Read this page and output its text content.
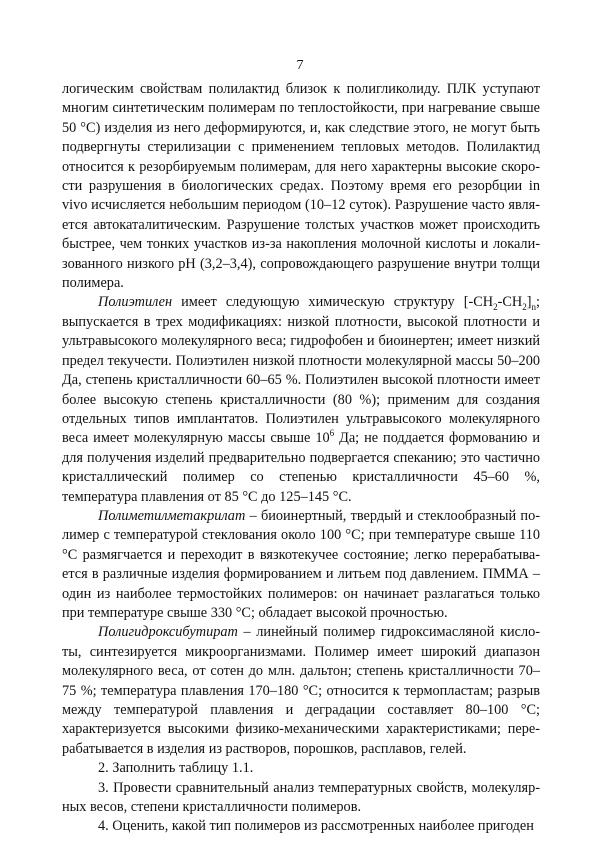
7

логическим свойствам полилактид близок к полигликолиду. ПЛК уступают многим синтетическим полимерам по теплостойкости, при нагревание свыше 50 °С) изделия из него деформируются, и, как следствие этого, не могут быть подвергнуты стерилизации с применением тепловых методов. Полилактид относится к резорбируемым полимерам, для него характерны высокие скорости разрушения в биологических средах. Поэтому время его резорбции in vivo исчисляется небольшим периодом (10–12 суток). Разрушение часто является автокаталитическим. Разрушение толстых участков может происходить быстрее, чем тонких участков из-за накопления молочной кислоты и локализованного низкого pH (3,2–3,4), сопровождающего разрушение внутри толщи полимера.

Полиэтилен имеет следующую химическую структуру $[-CH_2-CH_2]_n$; выпускается в трех модификациях: низкой плотности, высокой плотности и ультравысокого молекулярного веса; гидрофобен и биоинертен; имеет низкий предел текучести. Полиэтилен низкой плотности молекулярной массы 50–200 Да, степень кристалличности 60–65 %. Полиэтилен высокой плотности имеет более высокую степень кристалличности (80 %); применим для создания отдельных типов имплантатов. Полиэтилен ультравысокого молекулярного веса имеет молекулярную массы свыше $10^6$ Да; не поддается формованию и для получения изделий предварительно подвергается спеканию; это частично кристаллический полимер со степенью кристалличности 45–60 %, температура плавления от 85 °С до 125–145 °С.

Полиметилметакрилат – биоинертный, твердый и стеклообразный полимер с температурой стеклования около 100 °С; при температуре свыше 110 °С размягчается и переходит в вязкотекучее состояние; легко перерабатывается в различные изделия формированием и литьем под давлением. ПММА – один из наиболее термостойких полимеров: он начинает разлагаться только при температуре свыше 330 °С; обладает высокой прочностью.

Полигидроксибутират – линейный полимер гидроксимасляной кислоты, синтезируется микроорганизмами. Полимер имеет широкий диапазон молекулярного веса, от сотен до млн. дальтон; степень кристалличности 70–75 %; температура плавления 170–180 °С; относится к термопластам; разрыв между температурой плавления и деградации составляет 80–100 °С; характеризуется высокими физико-механическими характеристиками; перерабатывается в изделия из растворов, порошков, расплавов, гелей.

2. Заполнить таблицу 1.1.

3. Провести сравнительный анализ температурных свойств, молекулярных весов, степени кристалличности полимеров.

4. Оценить, какой тип полимеров из рассмотренных наиболее пригоден
